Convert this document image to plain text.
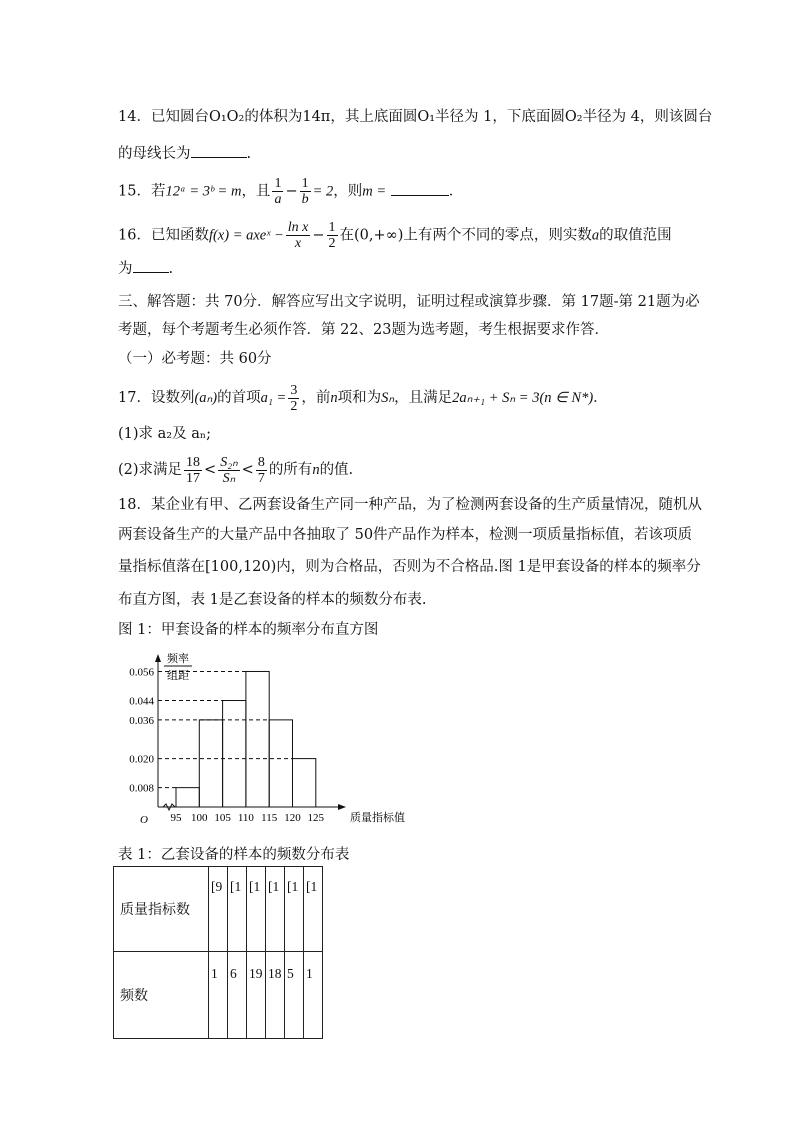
14．已知圆台O₁O₂的体积为14π，其上底面圆O₁半径为 1，下底面圆O₂半径为 4，则该圆台
的母线长为	.
15．若12ᵃ = 3ᵇ = m，且 $\frac{1}{a} - \frac{1}{b} = 2$，则m =	．
16．已知函数f(x) = axeˣ − $\frac{\text{ln x}}{x} - \frac{1}{2}$ 在(0,+∞)上有两个不同的零点，则实数a的取值范围
为 .
三、解答题：共 70分．解答应写出文字说明，证明过程或演算步骤．第 17题-第 21题为必
考题，每个考题考生必须作答．第 22、23题为选考题，考生根据要求作答．
（一）必考题：共 60分
17．设数列(aₙ)的首项$a_1 = \frac{3}{2}$ ，前n项和为Sₙ，且满足2aₙ₊₁ + Sₙ = 3(n ∈ N*)．
(1)求 a₂及 aₙ;
(2)求满足 $\frac{18}{17} < \frac{\text{S₂ₙ}}{\text{Sₙ}} < \frac{8}{7}$ 的所有n的值.
18．某企业有甲、乙两套设备生产同一种产品，为了检测两套设备的生产质量情况，随机从
两套设备生产的大量产品中各抽取了 50件产品作为样本，检测一项质量指标值，若该项质
量指标值落在[100,120)内，则为合格品，否则为不合格品.图 1是甲套设备的样本的频率分
布直方图，表 1是乙套设备的样本的频数分布表.
图 1：甲套设备的样本的频率分布直方图
0.008
0.020
0.036
0.044
0.056
95 100 105 110 115 120 125
O	质量指标值
频率
组距
表 1：乙套设备的样本的频数分布表
质量指标数	[9	[1	[1	[1	[1	[1
频数	1	6	19	18	5	1
